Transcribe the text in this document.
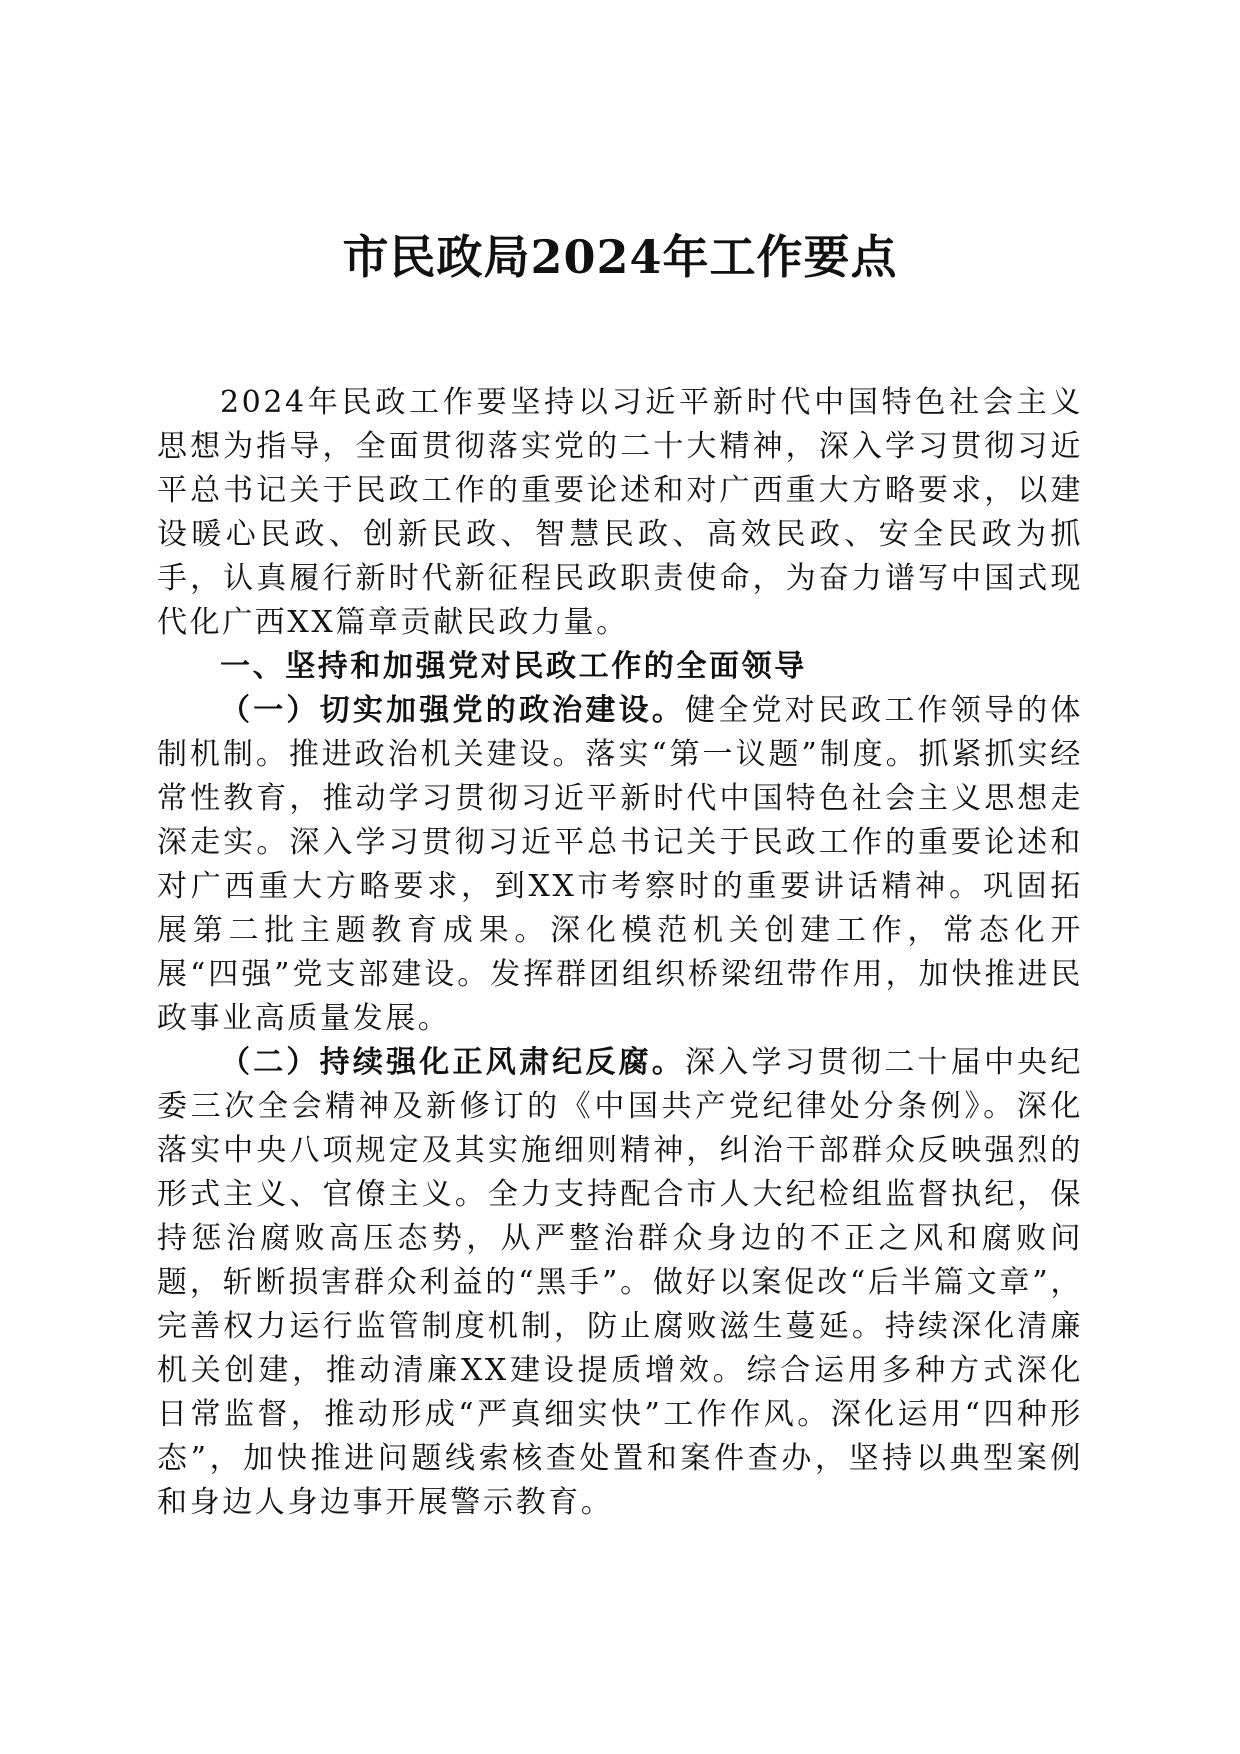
市民政局2024年工作要点

2024年民政工作要坚持以习近平新时代中国特色社会主义思想为指导，全面贯彻落实党的二十大精神，深入学习贯彻习近平总书记关于民政工作的重要论述和对广西重大方略要求，以建设暖心民政、创新民政、智慧民政、高效民政、安全民政为抓手，认真履行新时代新征程民政职责使命，为奋力谱写中国式现代化广西XX篇章贡献民政力量。

一、坚持和加强党对民政工作的全面领导

（一）切实加强党的政治建设。健全党对民政工作领导的体制机制。推进政治机关建设。落实“第一议题”制度。抓紧抓实经常性教育，推动学习贯彻习近平新时代中国特色社会主义思想走深走实。深入学习贯彻习近平总书记关于民政工作的重要论述和对广西重大方略要求，到XX市考察时的重要讲话精神。巩固拓展第二批主题教育成果。深化模范机关创建工作，常态化开展“四强”党支部建设。发挥群团组织桥梁纽带作用，加快推进民政事业高质量发展。

（二）持续强化正风肃纪反腐。深入学习贯彻二十届中央纪委三次全会精神及新修订的《中国共产党纪律处分条例》。深化落实中央八项规定及其实施细则精神，纠治干部群众反映强烈的形式主义、官僚主义。全力支持配合市人大纪检组监督执纪，保持惩治腐败高压态势，从严整治群众身边的不正之风和腐败问题，斩断损害群众利益的“黑手”。做好以案促改“后半篇文章”，完善权力运行监管制度机制，防止腐败滋生蔓延。持续深化清廉机关创建，推动清廉XX建设提质增效。综合运用多种方式深化日常监督，推动形成“严真细实快”工作作风。深化运用“四种形态”，加快推进问题线索核查处置和案件查办，坚持以典型案例和身边人身边事开展警示教育。
